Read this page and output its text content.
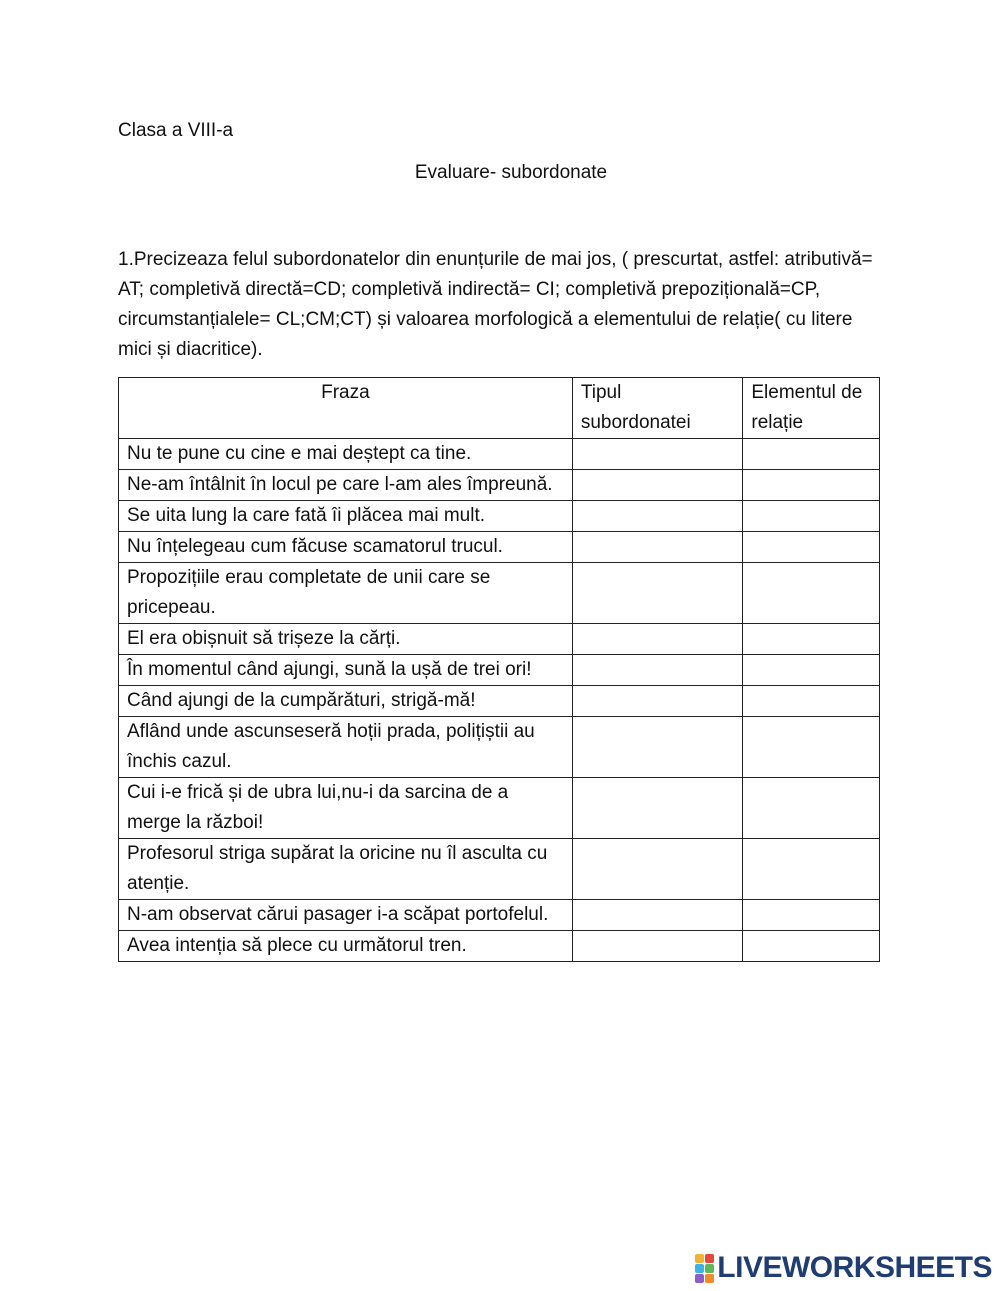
Clasa a VIII-a
Evaluare- subordonate
1.Precizeaza felul subordonatelor din enunțurile de mai jos, ( prescurtat, astfel: atributivă= AT; completivă directă=CD; completivă indirectă= CI; completivă prepozițională=CP, circumstanțialele= CL;CM;CT) și valoarea morfologică a elementului de relație( cu litere mici și diacritice).
Fraza	Tipul subordonatei	Elementul de relație
Nu te pune cu cine e mai deștept ca tine.		
Ne-am întâlnit în locul pe care l-am ales împreună.		
Se uita lung la care fată îi plăcea mai mult.		
Nu înțelegeau cum făcuse scamatorul trucul.		
Propozițiile erau completate de unii care se pricepeau.		
El era obișnuit să trișeze la cărți.		
În momentul când ajungi, sună la ușă de trei ori!		
Când ajungi de la cumpărături, strigă-mă!		
Aflând unde ascunseseră hoții prada, polițiștii au închis cazul.		
Cui i-e frică și de ubra lui,nu-i da sarcina de a merge la război!		
Profesorul striga supărat la oricine nu îl asculta cu atenție.		
N-am observat cărui pasager i-a scăpat portofelul.		
Avea intenția să plece cu următorul tren.		
LIVEWORKSHEETS
